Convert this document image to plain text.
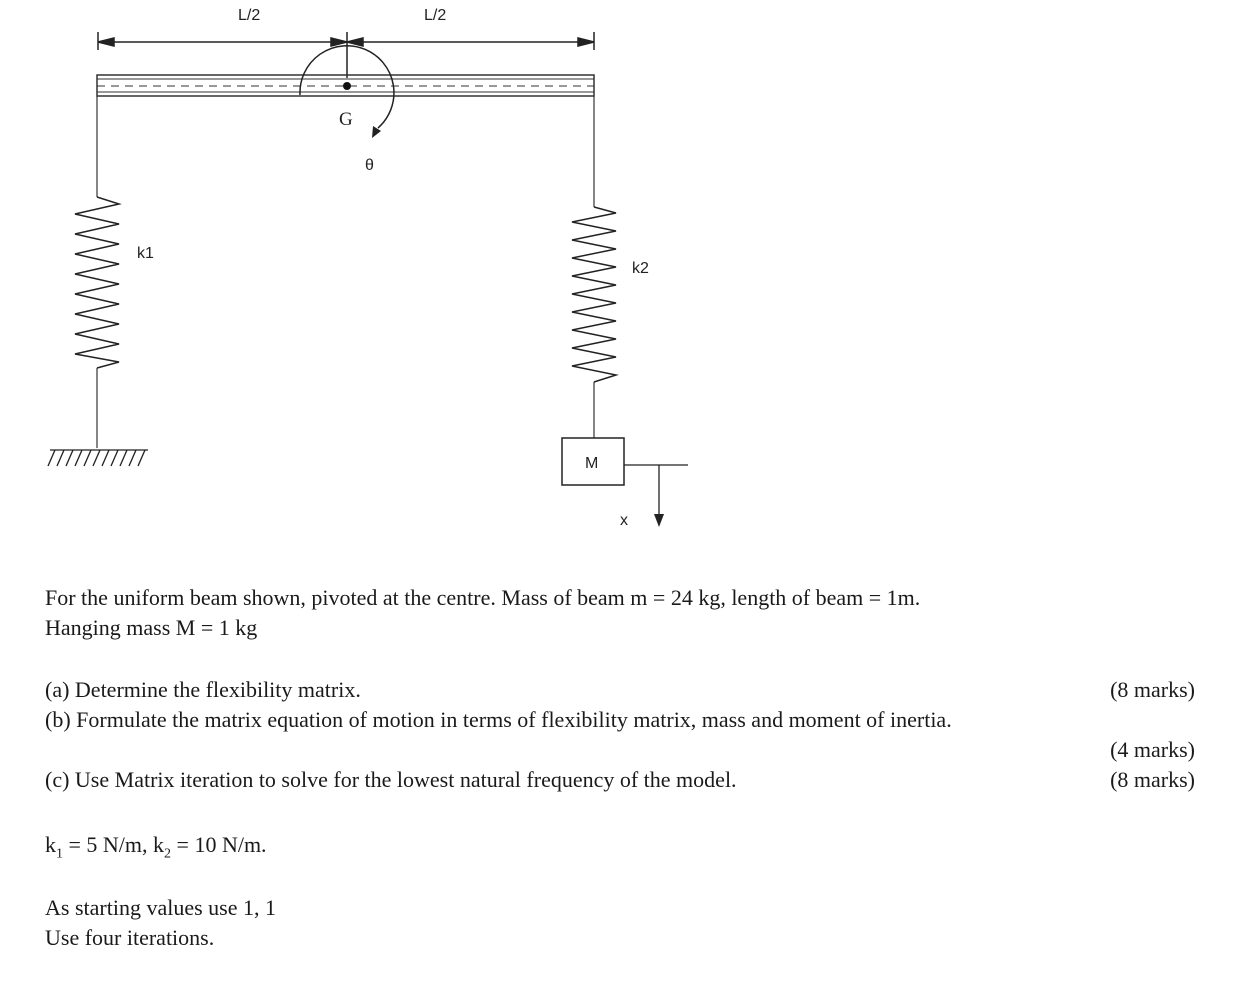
L/2	L/2
G
θ
k1
k2
M
x
For the uniform beam shown, pivoted at the centre. Mass of beam m = 24 kg, length of beam = 1m.
Hanging mass M = 1 kg
(a) Determine the flexibility matrix.	(8 marks)
(b) Formulate the matrix equation of motion in terms of flexibility matrix, mass and moment of inertia.
(4 marks)
(c) Use Matrix iteration to solve for the lowest natural frequency of the model.	(8 marks)
$k_1 = 5$ N/m, $k_2 = 10$ N/m.
As starting values use 1, 1
Use four iterations.
